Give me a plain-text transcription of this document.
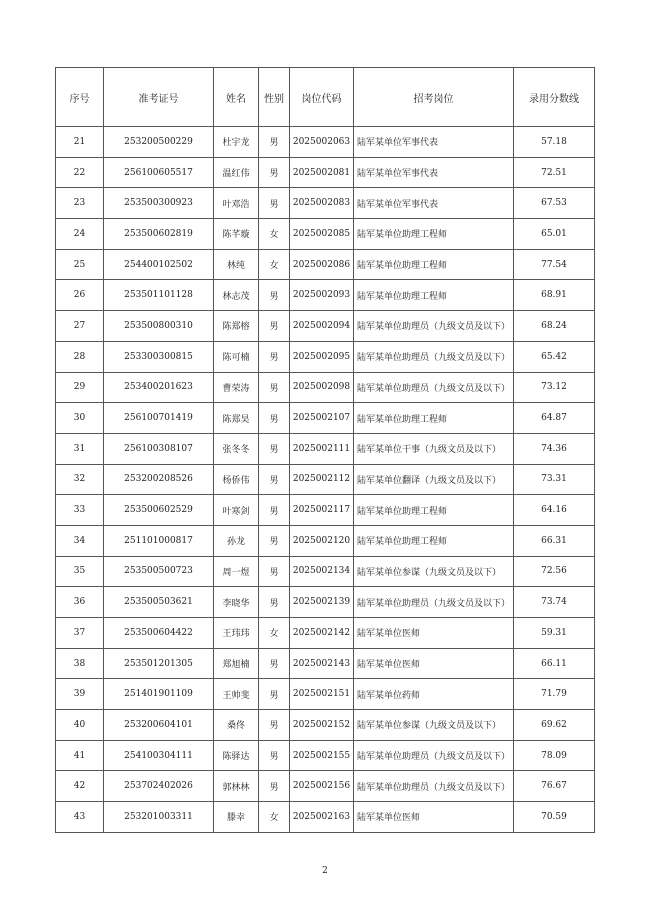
序号	准考证号	姓名	性别	岗位代码	招考岗位	录用分数线
21	253200500229	杜宇龙	男	2025002063	陆军某单位军事代表	57.18
22	256100605517	温红伟	男	2025002081	陆军某单位军事代表	72.51
23	253500300923	叶邓浩	男	2025002083	陆军某单位军事代表	67.53
24	253500602819	陈芊璇	女	2025002085	陆军某单位助理工程师	65.01
25	254400102502	林纯	女	2025002086	陆军某单位助理工程师	77.54
26	253501101128	林志茂	男	2025002093	陆军某单位助理工程师	68.91
27	253500800310	陈郑榕	男	2025002094	陆军某单位助理员（九级文员及以下）	68.24
28	253300300815	陈可楠	男	2025002095	陆军某单位助理员（九级文员及以下）	65.42
29	253400201623	曹荣涛	男	2025002098	陆军某单位助理员（九级文员及以下）	73.12
30	256100701419	陈郑昊	男	2025002107	陆军某单位助理工程师	64.87
31	256100308107	张冬冬	男	2025002111	陆军某单位干事（九级文员及以下）	74.36
32	253200208526	杨侨伟	男	2025002112	陆军某单位翻译（九级文员及以下）	73.31
33	253500602529	叶寒剑	男	2025002117	陆军某单位助理工程师	64.16
34	251101000817	孙龙	男	2025002120	陆军某单位助理工程师	66.31
35	253500500723	周一煜	男	2025002134	陆军某单位参谋（九级文员及以下）	72.56
36	253500503621	李晓华	男	2025002139	陆军某单位助理员（九级文员及以下）	73.74
37	253500604422	王玮玮	女	2025002142	陆军某单位医师	59.31
38	253501201305	郑旭楠	男	2025002143	陆军某单位医师	66.11
39	251401901109	王帅斐	男	2025002151	陆军某单位药师	71.79
40	253200604101	桑佟	男	2025002152	陆军某单位参谋（九级文员及以下）	69.62
41	254100304111	陈驿达	男	2025002155	陆军某单位助理员（九级文员及以下）	78.09
42	253702402026	郭林林	男	2025002156	陆军某单位助理员（九级文员及以下）	76.67
43	253201003311	滕幸	女	2025002163	陆军某单位医师	70.59
2
